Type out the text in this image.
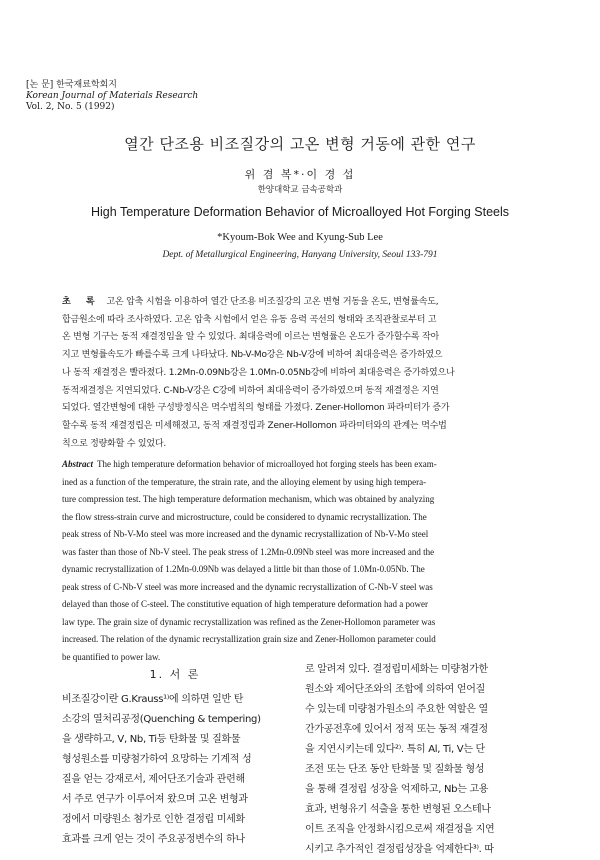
[논 문] 한국재료학회지
Korean Journal of Materials Research
Vol. 2, No. 5 (1992)
열간 단조용 비조질강의 고온 변형 거동에 관한 연구
위 겸 복*·이 경 섭
한양대학교 금속공학과
High Temperature Deformation Behavior of Microalloyed Hot Forging Steels
*Kyoum-Bok Wee and Kyung-Sub Lee
Dept. of Metallurgical Engineering, Hanyang University, Seoul 133-791
초 록 고온 압축 시험을 이용하여 열간 단조용 비조질강의 고온 변형 거동을 온도, 변형률속도,
합금원소에 따라 조사하였다. 고온 압축 시험에서 얻은 유동 응력 곡선의 형태와 조직관찰로부터 고
온 변형 기구는 동적 재결정임을 알 수 있었다. 최대응력에 이르는 변형률은 온도가 증가할수록 작아
지고 변형률속도가 빠를수록 크게 나타났다. Nb-V-Mo강은 Nb-V강에 비하여 최대응력은 증가하였으
나 동적 재결정은 빨라졌다. 1.2Mn-0.09Nb강은 1.0Mn-0.05Nb강에 비하여 최대응력은 증가하였으나
동적재결정은 지연되었다. C-Nb-V강은 C강에 비하여 최대응력이 증가하였으며 동적 재결정은 지연
되었다. 열간변형에 대한 구성방정식은 멱수법칙의 형태를 가졌다. Zener-Hollomon 파라미터가 증가
할수록 동적 재결정립은 미세해졌고, 동적 재결정립과 Zener-Hollomon 파라미터와의 관계는 멱수법
칙으로 정량화할 수 있었다.
Abstract The high temperature deformation behavior of microalloyed hot forging steels has been exam-
ined as a function of the temperature, the strain rate, and the alloying element by using high tempera-
ture compression test. The high temperature deformation mechanism, which was obtained by analyzing
the flow stress-strain curve and microstructure, could be considered to dynamic recrystallization. The
peak stress of Nb-V-Mo steel was more increased and the dynamic recrystallization of Nb-V-Mo steel
was faster than those of Nb-V steel. The peak stress of 1.2Mn-0.09Nb steel was more increased and the
dynamic recrystallization of 1.2Mn-0.09Nb was delayed a little bit than those of 1.0Mn-0.05Nb. The
peak stress of C-Nb-V steel was more increased and the dynamic recrystallization of C-Nb-V steel was
delayed than those of C-steel. The constitutive equation of high temperature deformation had a power
law type. The grain size of dynamic recrystallization was refined as the Zener-Hollomon parameter was
increased. The relation of the dynamic recrystallization grain size and Zener-Hollomon parameter could
be quantified to power law.
1. 서 론
비조질강이란 G.Krauss¹⁾에 의하면 일반 탄
소강의 열처리공정(Quenching & tempering)
을 생략하고, V, Nb, Ti등 탄화물 및 질화물
형성원소를 미량첨가하여 요망하는 기계적 성
질을 얻는 강재로서, 제어단조기술과 관련해
서 주로 연구가 이루어져 왔으며 고온 변형과
정에서 미량원소 첨가로 인한 결정립 미세화
효과를 크게 얻는 것이 주요공정변수의 하나
로 알려져 있다. 결정립미세화는 미량첨가한
원소와 제어단조와의 조합에 의하여 얻어질
수 있는데 미량첨가원소의 주요한 역할은 열
간가공전후에 있어서 정적 또는 동적 재결정
을 지연시키는데 있다²⁾. 특히 Al, Ti, V는 단
조전 또는 단조 동안 탄화물 및 질화물 형성
을 통해 결정립 성장을 억제하고, Nb는 고용
효과, 변형유기 석출을 통한 변형된 오스테나
이트 조직을 안정화시킴으로써 재결정을 지연
시키고 추가적인 결정립성장을 억제한다³⁾. 따
